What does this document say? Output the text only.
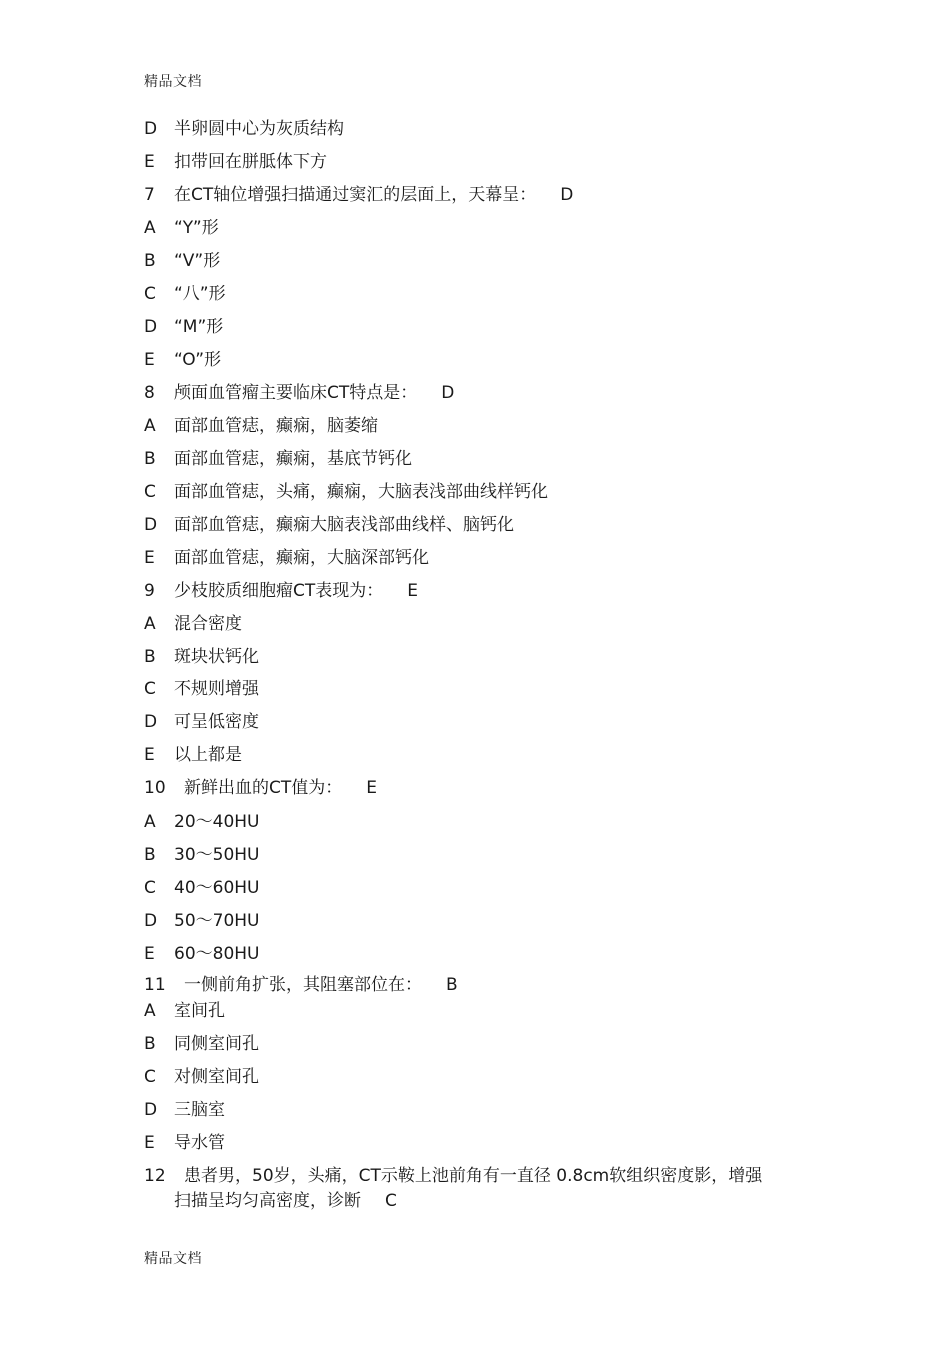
精品文档
D 半卵圆中心为灰质结构
E 扣带回在胼胝体下方
7 在CT轴位增强扫描通过窦汇的层面上，天幕呈： D
A “Y”形
B “V”形
C “八”形
D “M”形
E “O”形
8 颅面血管瘤主要临床CT特点是： D
A 面部血管痣，癫痫，脑萎缩
B 面部血管痣，癫痫，基底节钙化
C 面部血管痣，头痛，癫痫，大脑表浅部曲线样钙化
D 面部血管痣，癫痫大脑表浅部曲线样、脑钙化
E 面部血管痣，癫痫，大脑深部钙化
9 少枝胶质细胞瘤CT表现为： E
A 混合密度
B 斑块状钙化
C 不规则增强
D 可呈低密度
E 以上都是
10 新鲜出血的CT值为： E
A 20～40HU
B 30～50HU
C 40～60HU
D 50～70HU
E 60～80HU
11 一侧前角扩张，其阻塞部位在： B
A 室间孔
B 同侧室间孔
C 对侧室间孔
D 三脑室
E 导水管
12 患者男，50岁，头痛，CT示鞍上池前角有一直径 0.8cm软组织密度影，增强
扫描呈均匀高密度，诊断 C
精品文档
